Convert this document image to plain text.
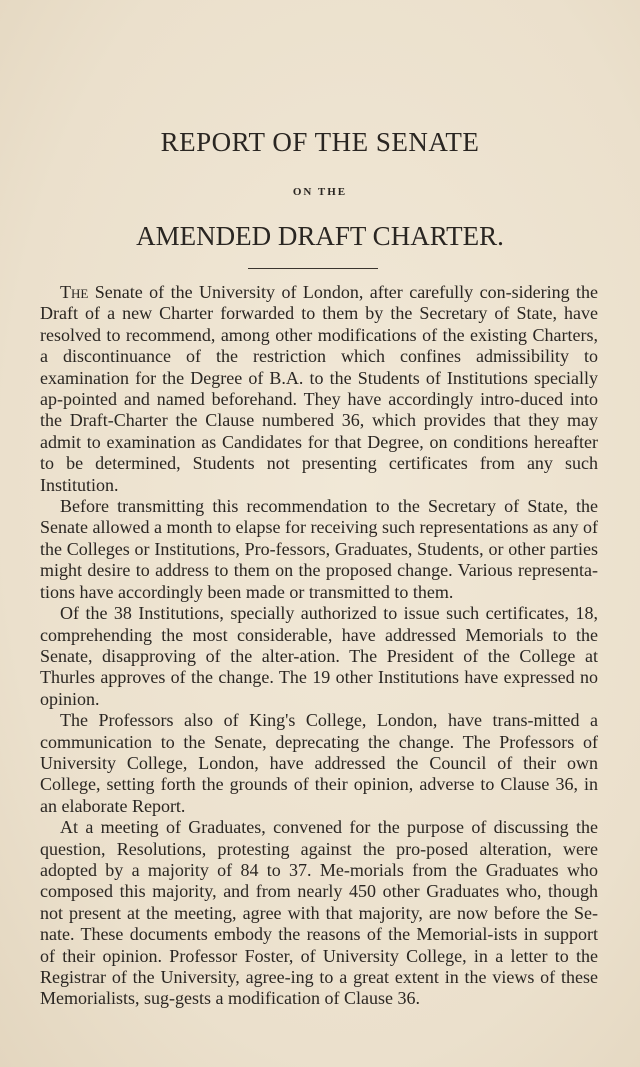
REPORT OF THE SENATE
ON THE
AMENDED DRAFT CHARTER.

The Senate of the University of London, after carefully con-sidering the Draft of a new Charter forwarded to them by the Secretary of State, have resolved to recommend, among other modifications of the existing Charters, a discontinuance of the restriction which confines admissibility to examination for the Degree of B.A. to the Students of Institutions specially ap-pointed and named beforehand. They have accordingly intro-duced into the Draft-Charter the Clause numbered 36, which provides that they may admit to examination as Candidates for that Degree, on conditions hereafter to be determined, Students not presenting certificates from any such Institution.

Before transmitting this recommendation to the Secretary of State, the Senate allowed a month to elapse for receiving such representations as any of the Colleges or Institutions, Pro-fessors, Graduates, Students, or other parties might desire to address to them on the proposed change. Various representa-tions have accordingly been made or transmitted to them.

Of the 38 Institutions, specially authorized to issue such certificates, 18, comprehending the most considerable, have addressed Memorials to the Senate, disapproving of the alter-ation. The President of the College at Thurles approves of the change. The 19 other Institutions have expressed no opinion.

The Professors also of King's College, London, have trans-mitted a communication to the Senate, deprecating the change. The Professors of University College, London, have addressed the Council of their own College, setting forth the grounds of their opinion, adverse to Clause 36, in an elaborate Report.

At a meeting of Graduates, convened for the purpose of discussing the question, Resolutions, protesting against the pro-posed alteration, were adopted by a majority of 84 to 37. Me-morials from the Graduates who composed this majority, and from nearly 450 other Graduates who, though not present at the meeting, agree with that majority, are now before the Se-nate. These documents embody the reasons of the Memorial-ists in support of their opinion. Professor Foster, of University College, in a letter to the Registrar of the University, agree-ing to a great extent in the views of these Memorialists, sug-gests a modification of Clause 36.
